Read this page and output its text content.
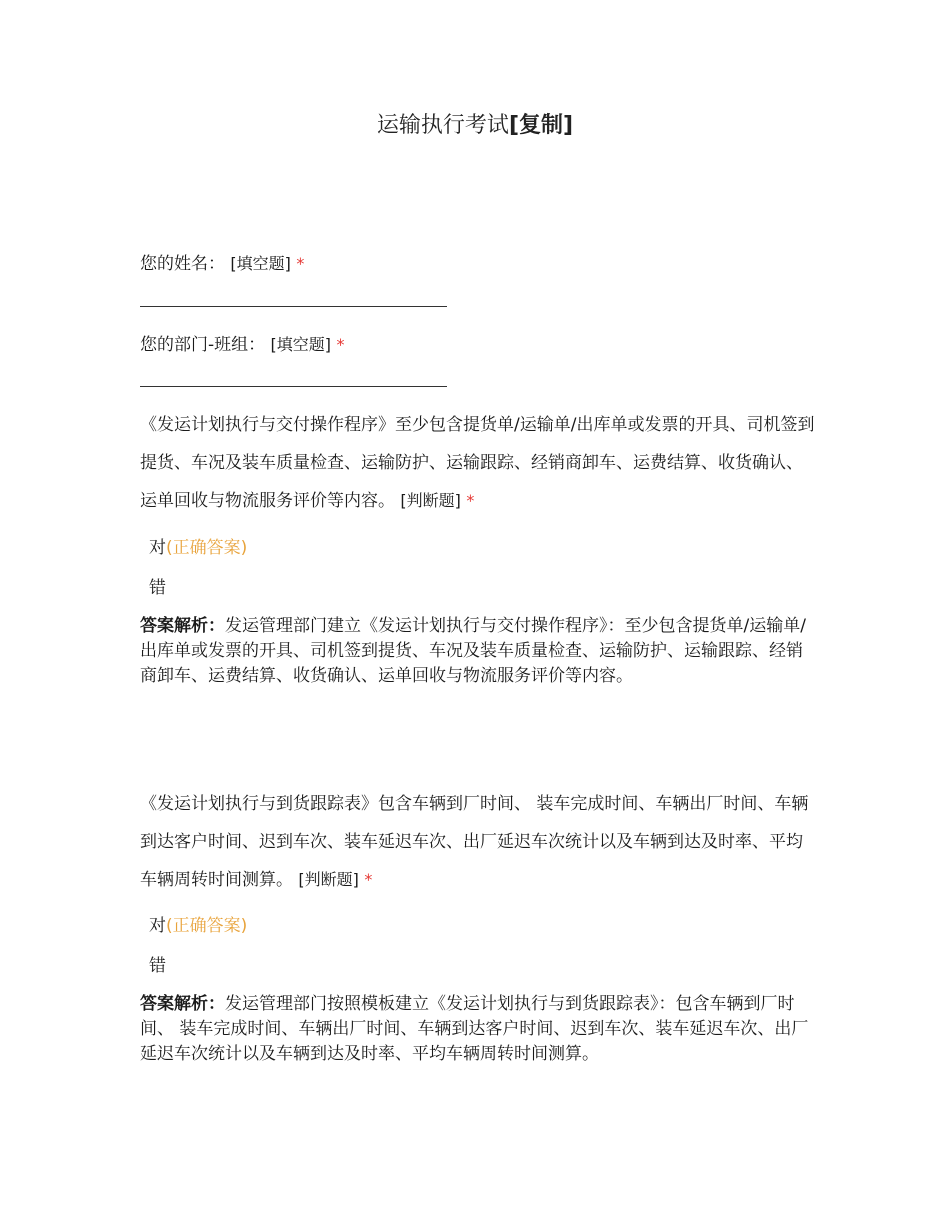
运输执行考试[复制]
您的姓名： [填空题] *
您的部门-班组： [填空题] *
《发运计划执行与交付操作程序》至少包含提货单/运输单/出库单或发票的开具、司机签到提货、车况及装车质量检查、运输防护、运输跟踪、经销商卸车、运费结算、收货确认、运单回收与物流服务评价等内容。 [判断题] *
对(正确答案)
错
答案解析：发运管理部门建立《发运计划执行与交付操作程序》：至少包含提货单/运输单/出库单或发票的开具、司机签到提货、车况及装车质量检查、运输防护、运输跟踪、经销商卸车、运费结算、收货确认、运单回收与物流服务评价等内容。
《发运计划执行与到货跟踪表》包含车辆到厂时间、 装车完成时间、车辆出厂时间、车辆到达客户时间、迟到车次、装车延迟车次、出厂延迟车次统计以及车辆到达及时率、平均车辆周转时间测算。 [判断题] *
对(正确答案)
错
答案解析：发运管理部门按照模板建立《发运计划执行与到货跟踪表》：包含车辆到厂时间、 装车完成时间、车辆出厂时间、车辆到达客户时间、迟到车次、装车延迟车次、出厂延迟车次统计以及车辆到达及时率、平均车辆周转时间测算。
